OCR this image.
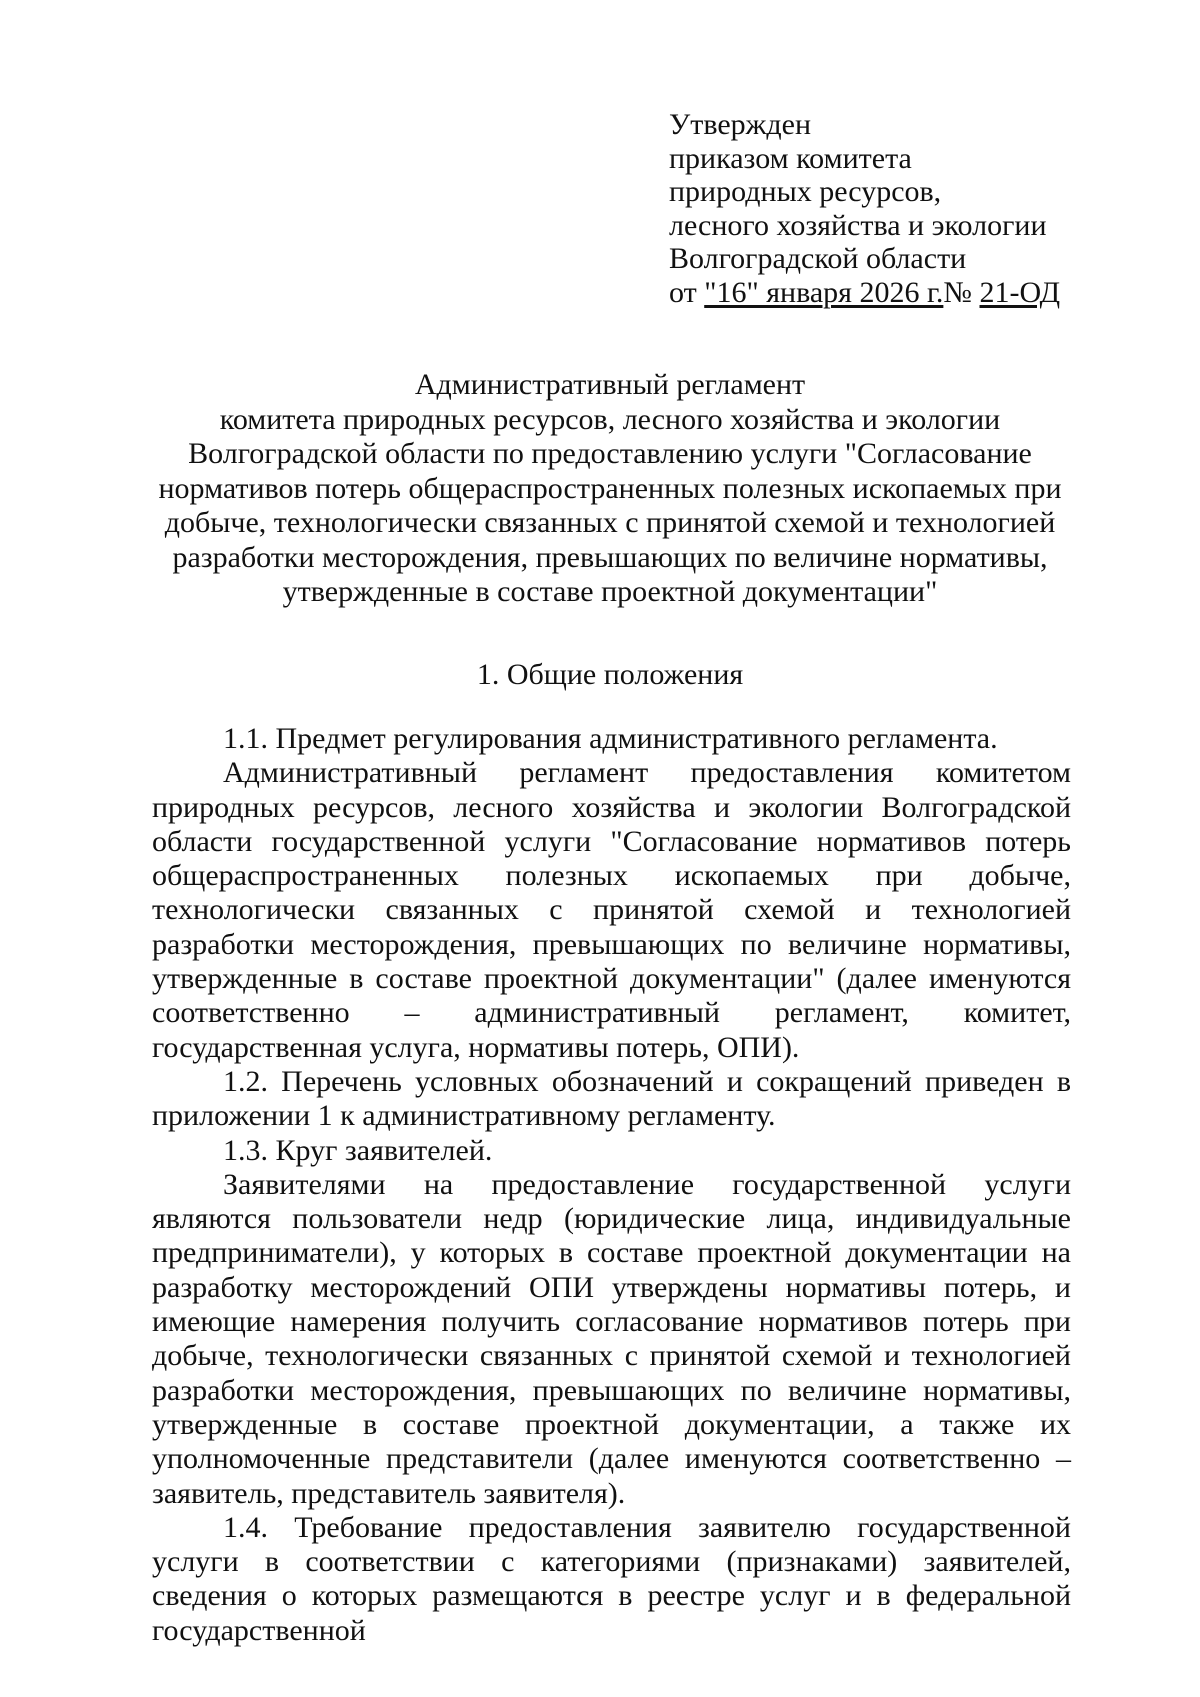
Утвержден
приказом комитета
природных ресурсов,
лесного хозяйства и экологии
Волгоградской области
от "16" января 2026 г.№ 21-ОД
Административный регламент
комитета природных ресурсов, лесного хозяйства и экологии
Волгоградской области по предоставлению услуги "Согласование
нормативов потерь общераспространенных полезных ископаемых при
добыче, технологически связанных с принятой схемой и технологией
разработки месторождения, превышающих по величине нормативы,
утвержденные в составе проектной документации"
1. Общие положения

1.1. Предмет регулирования административного регламента.

Административный регламент предоставления комитетом природных ресурсов, лесного хозяйства и экологии Волгоградской области государственной услуги "Согласование нормативов потерь общераспространенных полезных ископаемых при добыче, технологически связанных с принятой схемой и технологией разработки месторождения, превышающих по величине нормативы, утвержденные в составе проектной документации" (далее именуются соответственно – административный регламент, комитет, государственная услуга, нормативы потерь, ОПИ).

1.2. Перечень условных обозначений и сокращений приведен в приложении 1 к административному регламенту.

1.3. Круг заявителей.

Заявителями на предоставление государственной услуги являются пользователи недр (юридические лица, индивидуальные предприниматели), у которых в составе проектной документации на разработку месторождений ОПИ утверждены нормативы потерь, и имеющие намерения получить согласование нормативов потерь при добыче, технологически связанных с принятой схемой и технологией разработки месторождения, превышающих по величине нормативы, утвержденные в составе проектной документации, а также их уполномоченные представители (далее именуются соответственно – заявитель, представитель заявителя).

1.4. Требование предоставления заявителю государственной услуги в соответствии с категориями (признаками) заявителей, сведения о которых размещаются в реестре услуг и в федеральной государственной
